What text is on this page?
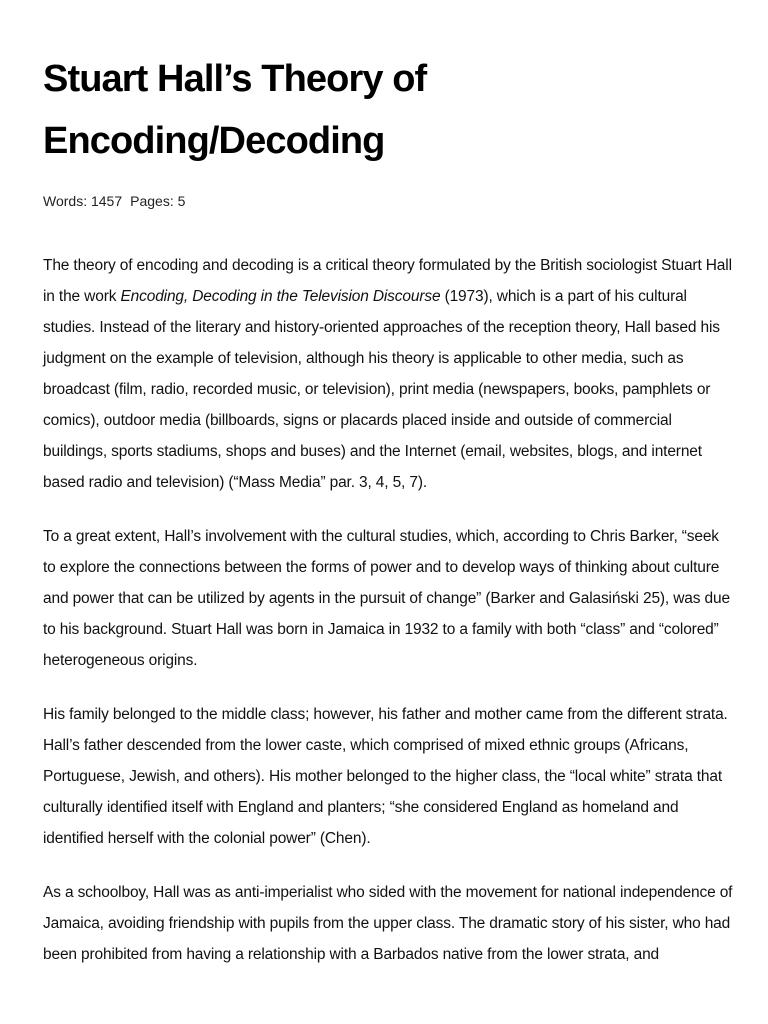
Stuart Hall’s Theory of Encoding/Decoding
Words: 1457 Pages: 5

The theory of encoding and decoding is a critical theory formulated by the British sociologist Stuart Hall in the work Encoding, Decoding in the Television Discourse (1973), which is a part of his cultural studies. Instead of the literary and history-oriented approaches of the reception theory, Hall based his judgment on the example of television, although his theory is applicable to other media, such as broadcast (film, radio, recorded music, or television), print media (newspapers, books, pamphlets or comics), outdoor media (billboards, signs or placards placed inside and outside of commercial buildings, sports stadiums, shops and buses) and the Internet (email, websites, blogs, and internet based radio and television) (“Mass Media” par. 3, 4, 5, 7).

To a great extent, Hall’s involvement with the cultural studies, which, according to Chris Barker, “seek to explore the connections between the forms of power and to develop ways of thinking about culture and power that can be utilized by agents in the pursuit of change” (Barker and Galasiński 25), was due to his background. Stuart Hall was born in Jamaica in 1932 to a family with both “class” and “colored” heterogeneous origins.

His family belonged to the middle class; however, his father and mother came from the different strata. Hall’s father descended from the lower caste, which comprised of mixed ethnic groups (Africans, Portuguese, Jewish, and others). His mother belonged to the higher class, the “local white” strata that culturally identified itself with England and planters; “she considered England as homeland and identified herself with the colonial power” (Chen).

As a schoolboy, Hall was as anti-imperialist who sided with the movement for national independence of Jamaica, avoiding friendship with pupils from the upper class. The dramatic story of his sister, who had been prohibited from having a relationship with a Barbados native from the lower strata, and
